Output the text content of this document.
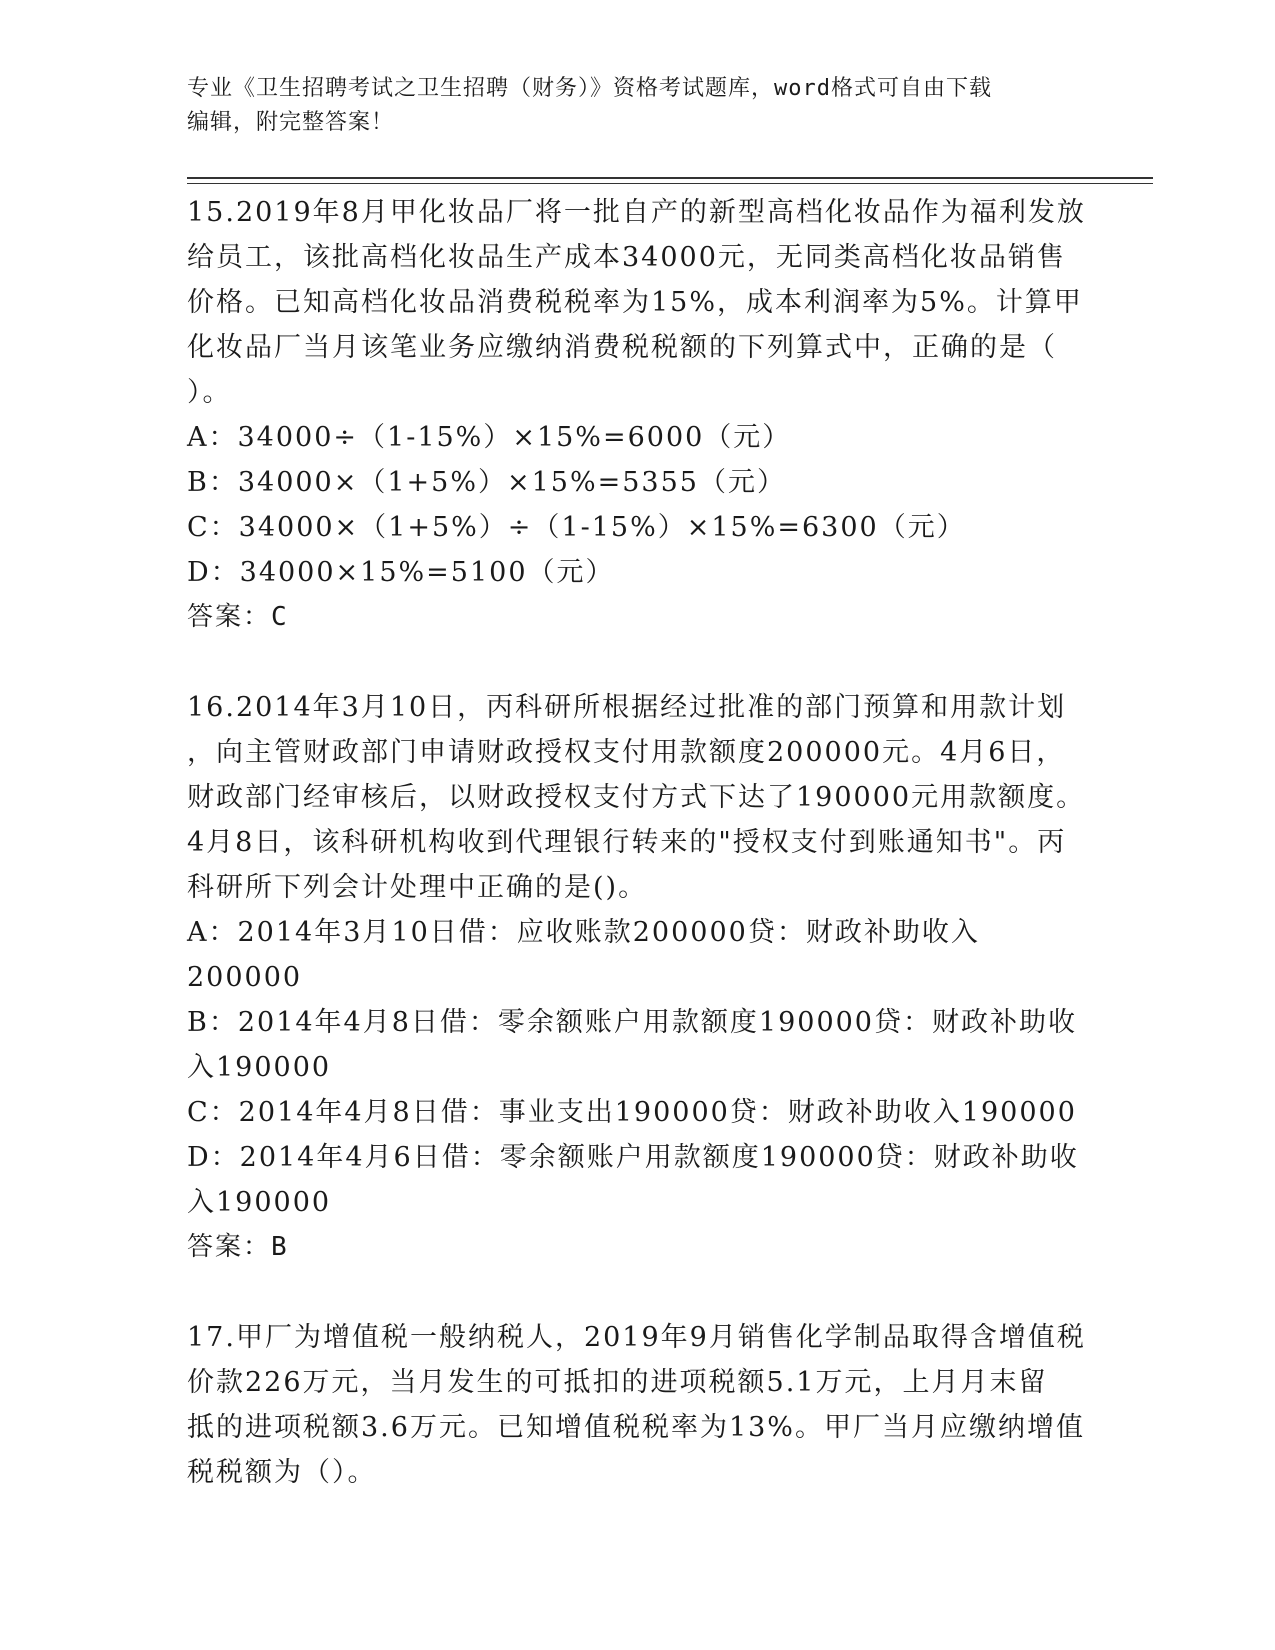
专业《卫生招聘考试之卫生招聘（财务）》资格考试题库，word格式可自由下载
编辑，附完整答案！

15.2019年8月甲化妆品厂将一批自产的新型高档化妆品作为福利发放

给员工，该批高档化妆品生产成本34000元，无同类高档化妆品销售

价格。已知高档化妆品消费税税率为15%，成本利润率为5%。计算甲

化妆品厂当月该笔业务应缴纳消费税税额的下列算式中，正确的是（

）。

A：34000÷（1-15%）×15%=6000（元）

B：34000×（1+5%）×15%=5355（元）

C：34000×（1+5%）÷（1-15%）×15%=6300（元）

D：34000×15%=5100（元）

答案：C

16.2014年3月10日，丙科研所根据经过批准的部门预算和用款计划

，向主管财政部门申请财政授权支付用款额度200000元。4月6日，

财政部门经审核后，以财政授权支付方式下达了190000元用款额度。

4月8日，该科研机构收到代理银行转来的"授权支付到账通知书"。丙

科研所下列会计处理中正确的是()。

A：2014年3月10日借：应收账款200000贷：财政补助收入200000

B：2014年4月8日借：零余额账户用款额度190000贷：财政补助收

入190000

C：2014年4月8日借：事业支出190000贷：财政补助收入190000

D：2014年4月6日借：零余额账户用款额度190000贷：财政补助收

入190000

答案：B

17.甲厂为增值税一般纳税人，2019年9月销售化学制品取得含增值税

价款226万元，当月发生的可抵扣的进项税额5.1万元，上月月末留

抵的进项税额3.6万元。已知增值税税率为13%。甲厂当月应缴纳增值

税税额为（）。
